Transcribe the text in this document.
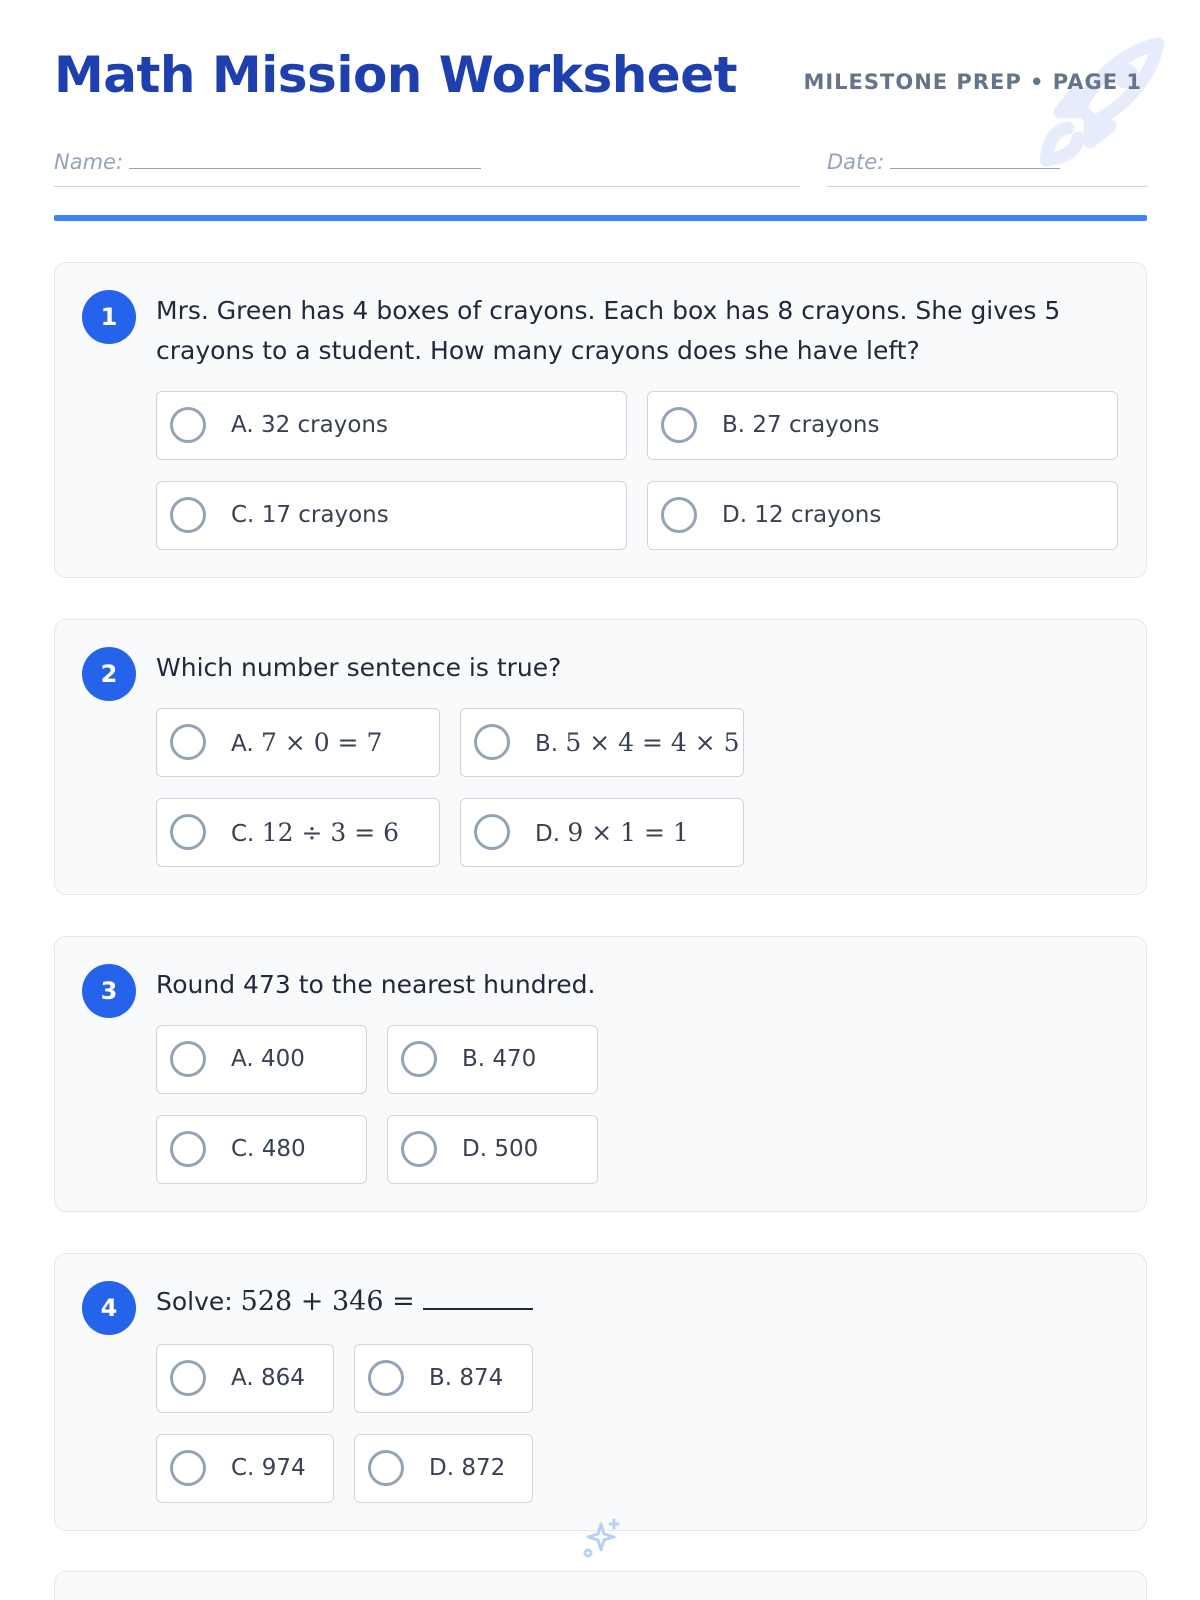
Math Mission Worksheet	MILESTONE PREP • PAGE 1
Name:	Date:
1	Mrs. Green has 4 boxes of crayons. Each box has 8 crayons. She gives 5 crayons to a student. How many crayons does she have left?

A. 32 crayons	B. 27 crayons
C. 17 crayons	D. 12 crayons
2	Which number sentence is true?

A. 7 × 0 = 7	B. 5 × 4 = 4 × 5
C. 12 ÷ 3 = 6	D. 9 × 1 = 1
3	Round 473 to the nearest hundred.

A. 400	B. 470
C. 480	D. 500
4	Solve: 528 + 346 =

A. 864	B. 874
C. 974	D. 872
